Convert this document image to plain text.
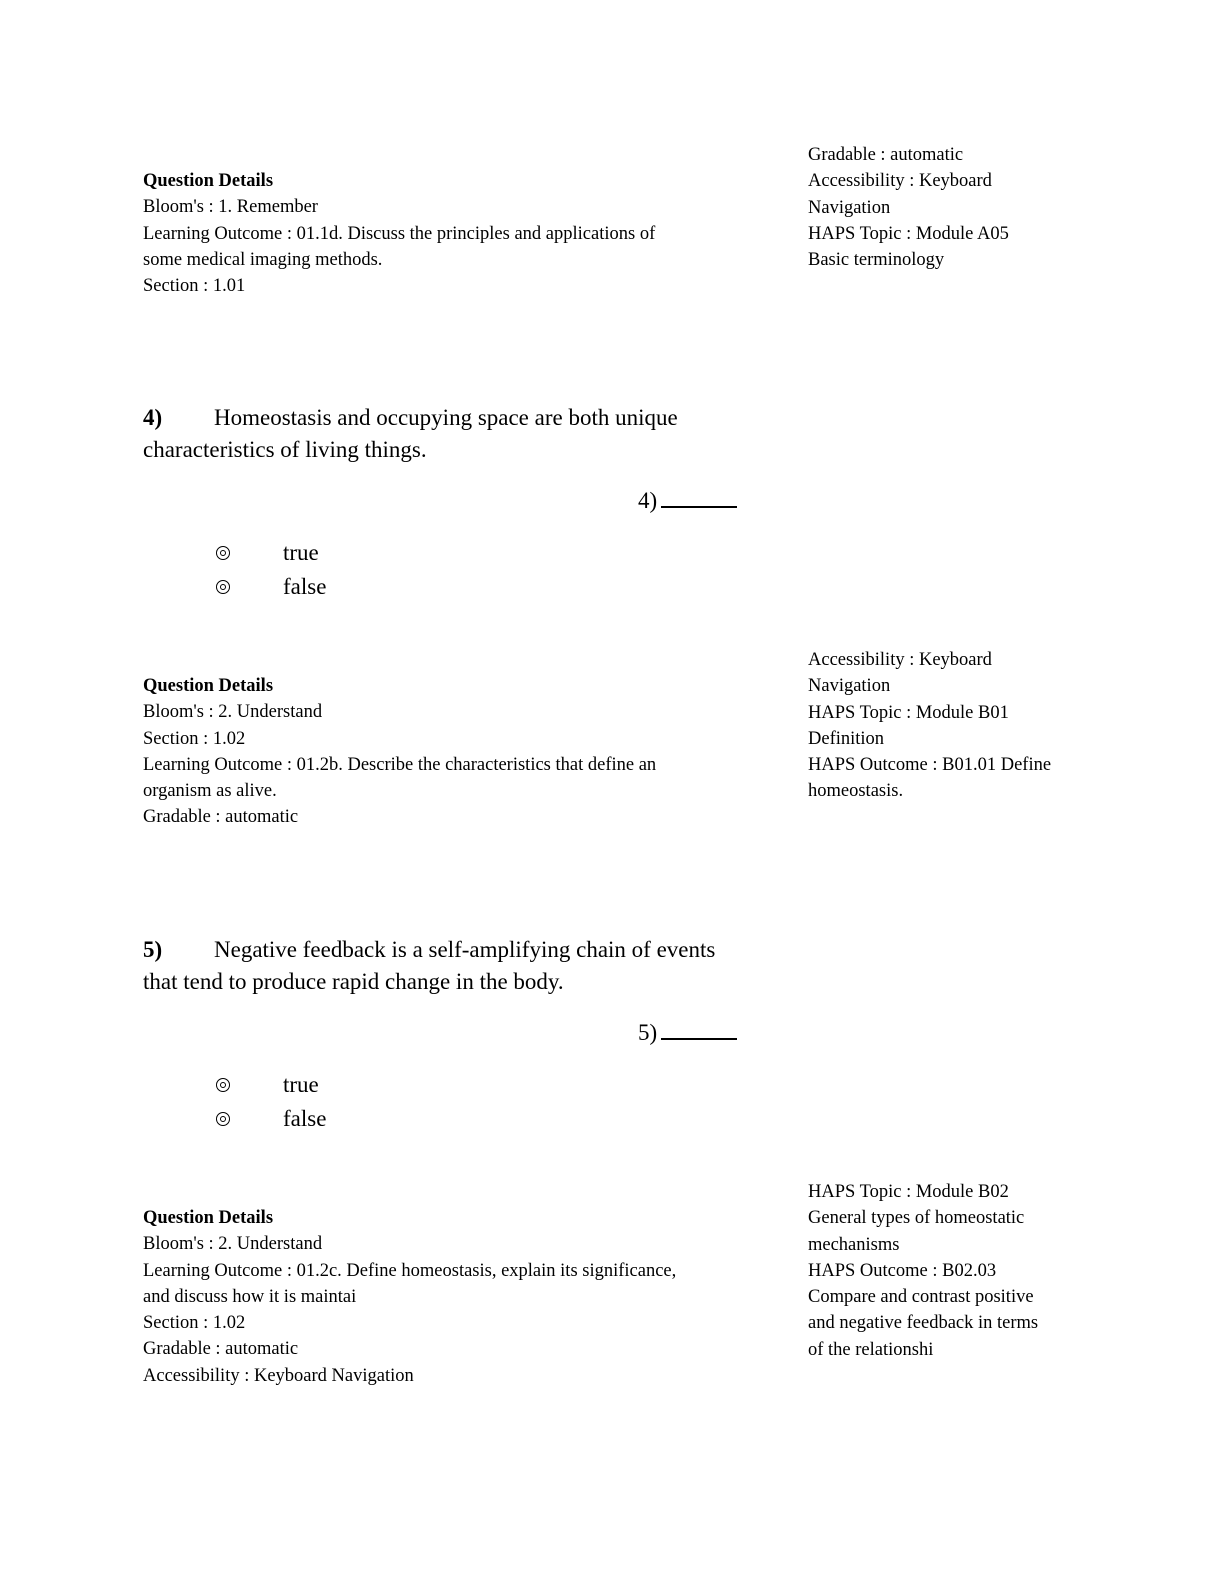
Gradable : automatic
Accessibility : Keyboard
Navigation
HAPS Topic : Module A05
Basic terminology
Question Details
Bloom's : 1. Remember
Learning Outcome : 01.1d. Discuss the principles and applications of
some medical imaging methods.
Section : 1.01
4) Homeostasis and occupying space are both unique
characteristics of living things.
4)
true
false
Accessibility : Keyboard
Navigation
HAPS Topic : Module B01
Definition
HAPS Outcome : B01.01 Define
homeostasis.
Question Details
Bloom's : 2. Understand
Section : 1.02
Learning Outcome : 01.2b. Describe the characteristics that define an
organism as alive.
Gradable : automatic
5) Negative feedback is a self-amplifying chain of events
that tend to produce rapid change in the body.
5)
true
false
HAPS Topic : Module B02
General types of homeostatic
mechanisms
HAPS Outcome : B02.03
Compare and contrast positive
and negative feedback in terms
of the relationshi
Question Details
Bloom's : 2. Understand
Learning Outcome : 01.2c. Define homeostasis, explain its significance,
and discuss how it is maintai
Section : 1.02
Gradable : automatic
Accessibility : Keyboard Navigation
